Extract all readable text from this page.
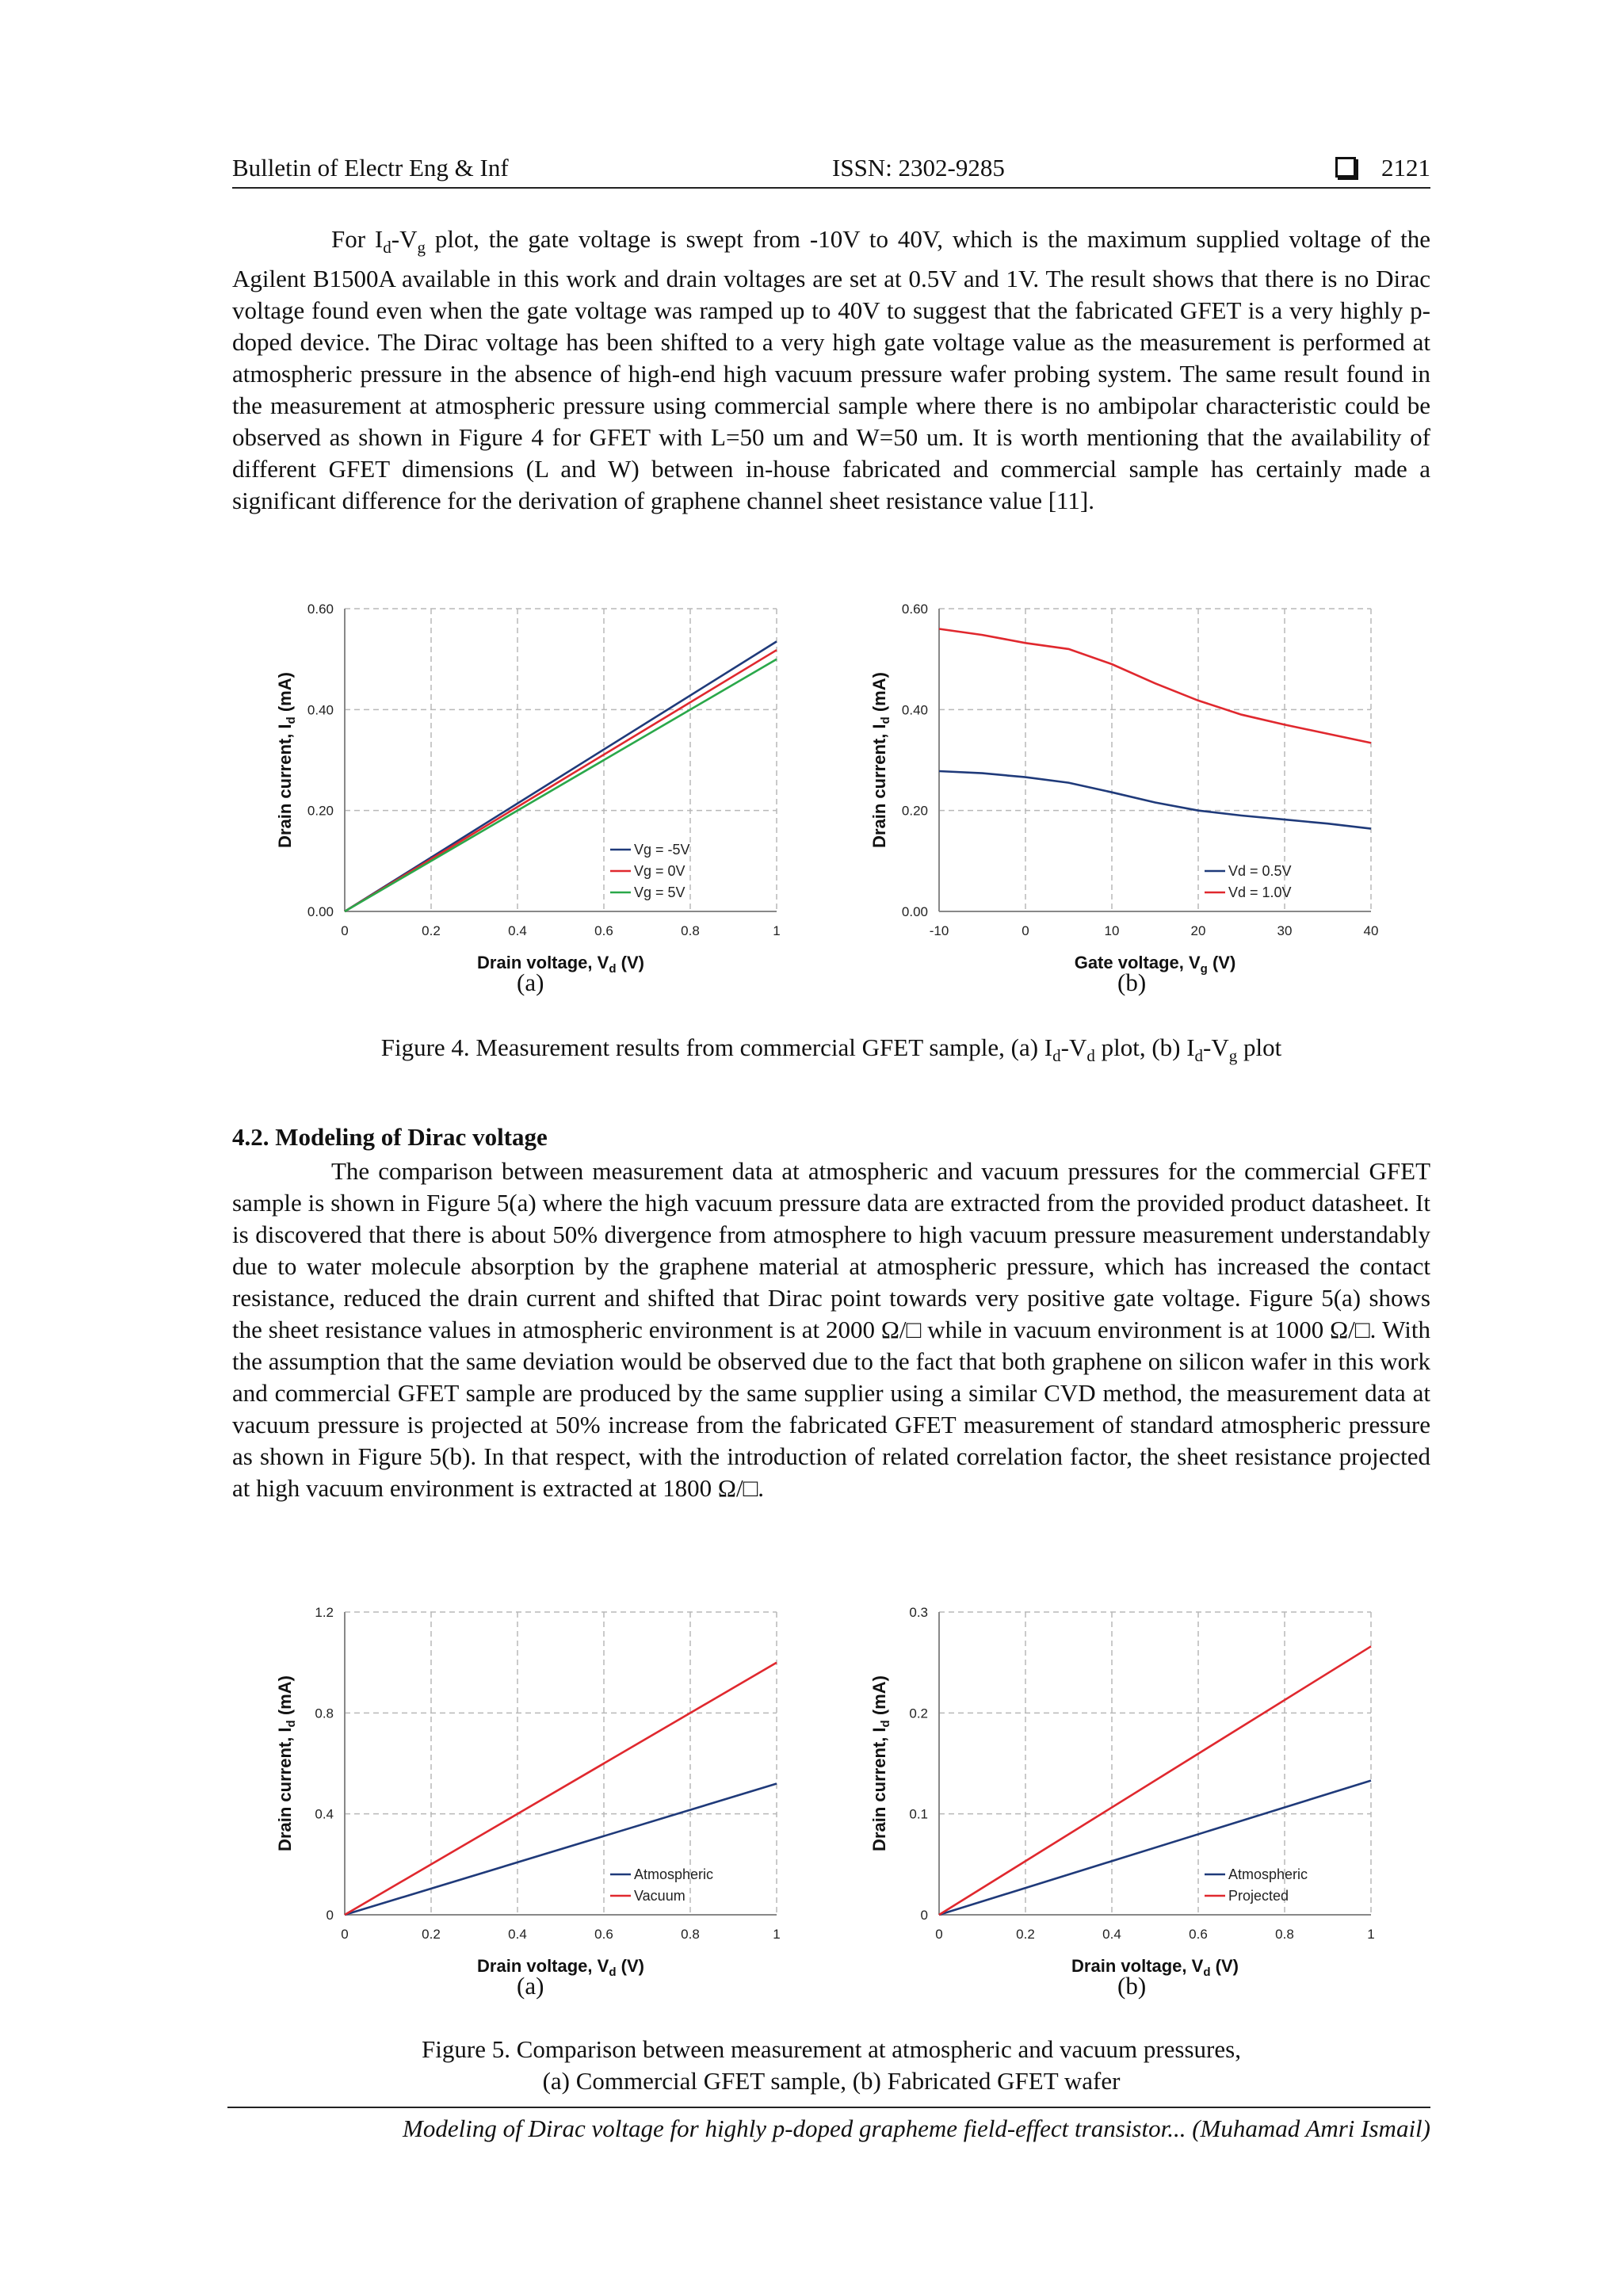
Bulletin of Electr Eng & Inf	ISSN: 2302-9285	2121
For $I_d-V_g$ plot, the gate voltage is swept from -10V to 40V, which is the maximum supplied voltage of the Agilent B1500A available in this work and drain voltages are set at 0.5V and 1V. The result shows that there is no Dirac voltage found even when the gate voltage was ramped up to 40V to suggest that the fabricated GFET is a very highly p-doped device. The Dirac voltage has been shifted to a very high gate voltage value as the measurement is performed at atmospheric pressure in the absence of high-end high vacuum pressure wafer probing system. The same result found in the measurement at atmospheric pressure using commercial sample where there is no ambipolar characteristic could be observed as shown in Figure 4 for GFET with L=50 um and W=50 um. It is worth mentioning that the availability of different GFET dimensions (L and W) between in-house fabricated and commercial sample has certainly made a significant difference for the derivation of graphene channel sheet resistance value [11].
0	0.2	0.4	0.6	0.8	1
0.00
0.20
0.40
0.60
Drain voltage, $V_d$ (V)
Drain current, $I_d$ (mA)
Vg = -5V
Vg = 0V
Vg = 5V
-10	0	10	20	30	40
0.00
0.20
0.40
0.60
Gate voltage, $V_g$ (V)
Drain current, $I_d$ (mA)
Vd = 0.5V
Vd = 1.0V
(a)	(b)
Figure 4. Measurement results from commercial GFET sample, (a) $I_d-V_d$ plot, (b) $I_d-V_g$ plot
4.2. Modeling of Dirac voltage
The comparison between measurement data at atmospheric and vacuum pressures for the commercial GFET sample is shown in Figure 5(a) where the high vacuum pressure data are extracted from the provided product datasheet. It is discovered that there is about 50% divergence from atmosphere to high vacuum pressure measurement understandably due to water molecule absorption by the graphene material at atmospheric pressure, which has increased the contact resistance, reduced the drain current and shifted that Dirac point towards very positive gate voltage. Figure 5(a) shows the sheet resistance values in atmospheric environment is at 2000 Ω/□ while in vacuum environment is at 1000 Ω/□. With the assumption that the same deviation would be observed due to the fact that both graphene on silicon wafer in this work and commercial GFET sample are produced by the same supplier using a similar CVD method, the measurement data at vacuum pressure is projected at 50% increase from the fabricated GFET measurement of standard atmospheric pressure as shown in Figure 5(b). In that respect, with the introduction of related correlation factor, the sheet resistance projected at high vacuum environment is extracted at 1800 Ω/□.
0	0.2	0.4	0.6	0.8	1
0
0.4
0.8
1.2
Drain voltage, $V_d$ (V)
Drain current, $I_d$ (mA)
Atmospheric
Vacuum
0	0.2	0.4	0.6	0.8	1
0
0.1
0.2
0.3
Drain voltage, $V_d$ (V)
Drain current, $I_d$ (mA)
Atmospheric
Projected
(a)	(b)
Figure 5. Comparison between measurement at atmospheric and vacuum pressures,
(a) Commercial GFET sample, (b) Fabricated GFET wafer
Modeling of Dirac voltage for highly p-doped grapheme field-effect transistor... (Muhamad Amri Ismail)
